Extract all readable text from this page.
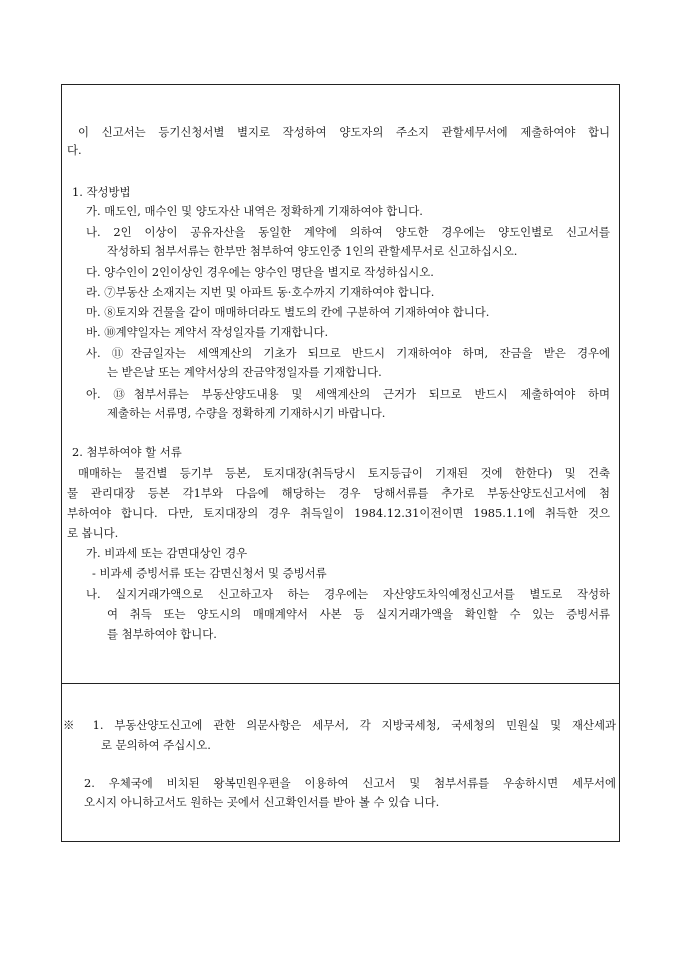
이 신고서는 등기신청서별 별지로 작성하여 양도자의 주소지 관할세무서에 제출하여야 합니
다.
1. 작성방법
가. 매도인, 매수인 및 양도자산 내역은 정확하게 기재하여야 합니다.
나. 2인 이상이 공유자산을 동일한 계약에 의하여 양도한 경우에는 양도인별로 신고서를
작성하되 첨부서류는 한부만 첨부하여 양도인중 1인의 관할세무서로 신고하십시오.
다. 양수인이 2인이상인 경우에는 양수인 명단을 별지로 작성하십시오.
라. ⑦부동산 소재지는 지번 및 아파트 동·호수까지 기재하여야 합니다.
마. ⑧토지와 건물을 같이 매매하더라도 별도의 칸에 구분하여 기재하여야 합니다.
바. ⑩계약일자는 계약서 작성일자를 기재합니다.
사. ⑪잔금일자는 세액계산의 기초가 되므로 반드시 기재하여야 하며, 잔금을 받은 경우에
는 받은날 또는 계약서상의 잔금약정일자를 기재합니다.
아. ⑬첨부서류는 부동산양도내용 및 세액계산의 근거가 되므로 반드시 제출하여야 하며
제출하는 서류명, 수량을 정확하게 기재하시기 바랍니다.
2. 첨부하여야 할 서류
매매하는 물건별 등기부 등본, 토지대장(취득당시 토지등급이 기재된 것에 한한다) 및 건축
물 관리대장 등본 각1부와 다음에 해당하는 경우 당해서류를 추가로 부동산양도신고서에 첨
부하여야 합니다. 다만, 토지대장의 경우 취득일이 1984.12.31이전이면 1985.1.1에 취득한 것으
로 봅니다.
가. 비과세 또는 감면대상인 경우
- 비과세 증빙서류 또는 감면신청서 및 증빙서류
나. 실지거래가액으로 신고하고자 하는 경우에는 자산양도차익예정신고서를 별도로 작성하
여 취득 또는 양도시의 매매계약서 사본 등 실지거래가액을 확인할 수 있는 증빙서류
를 첨부하여야 합니다.
※ 1. 부동산양도신고에 관한 의문사항은 세무서, 각 지방국세청, 국세청의 민원실 및 재산세과
로 문의하여 주십시오.
2. 우체국에 비치된 왕복민원우편을 이용하여 신고서 및 첨부서류를 우송하시면 세무서에
오시지 아니하고서도 원하는 곳에서 신고확인서를 받아 볼 수 있습 니다.
